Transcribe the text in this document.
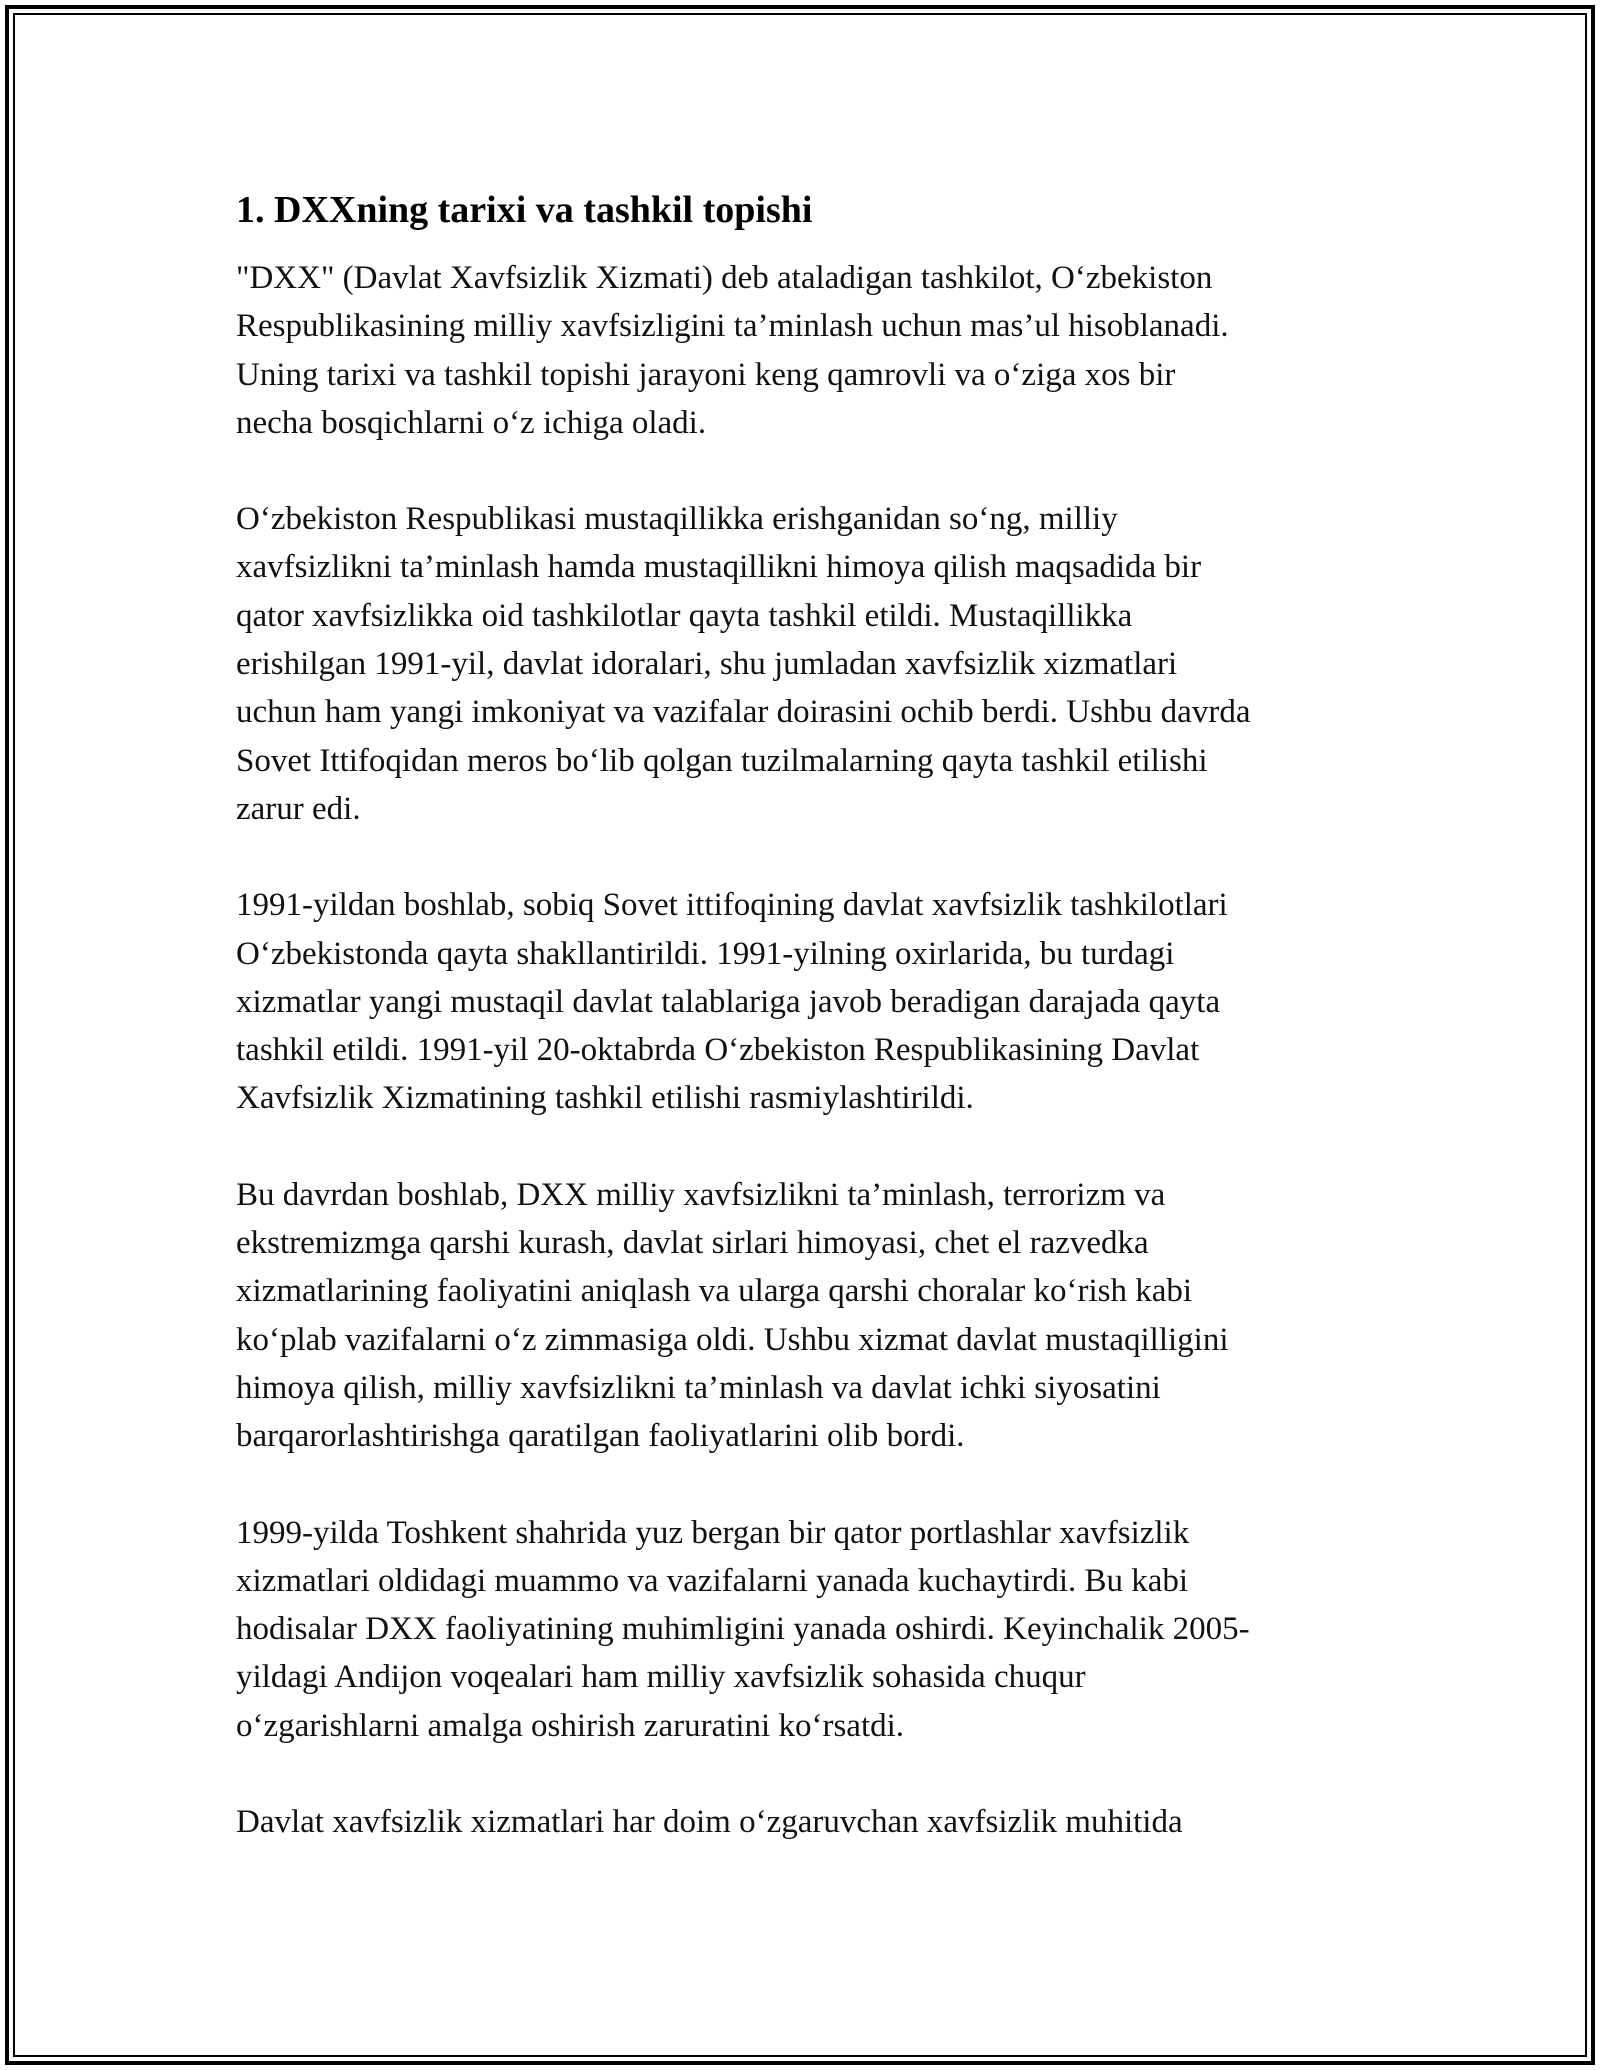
1. DXXning tarixi va tashkil topishi

"DXX" (Davlat Xavfsizlik Xizmati) deb ataladigan tashkilot, O‘zbekiston
Respublikasining milliy xavfsizligini ta’minlash uchun mas’ul hisoblanadi.
Uning tarixi va tashkil topishi jarayoni keng qamrovli va o‘ziga xos bir
necha bosqichlarni o‘z ichiga oladi.

O‘zbekiston Respublikasi mustaqillikka erishganidan so‘ng, milliy
xavfsizlikni ta’minlash hamda mustaqillikni himoya qilish maqsadida bir
qator xavfsizlikka oid tashkilotlar qayta tashkil etildi. Mustaqillikka
erishilgan 1991-yil, davlat idoralari, shu jumladan xavfsizlik xizmatlari
uchun ham yangi imkoniyat va vazifalar doirasini ochib berdi. Ushbu davrda
Sovet Ittifoqidan meros bo‘lib qolgan tuzilmalarning qayta tashkil etilishi
zarur edi.

1991-yildan boshlab, sobiq Sovet ittifoqining davlat xavfsizlik tashkilotlari
O‘zbekistonda qayta shakllantirildi. 1991-yilning oxirlarida, bu turdagi
xizmatlar yangi mustaqil davlat talablariga javob beradigan darajada qayta
tashkil etildi. 1991-yil 20-oktabrda O‘zbekiston Respublikasining Davlat
Xavfsizlik Xizmatining tashkil etilishi rasmiylashtirildi.

Bu davrdan boshlab, DXX milliy xavfsizlikni ta’minlash, terrorizm va
ekstremizmga qarshi kurash, davlat sirlari himoyasi, chet el razvedka
xizmatlarining faoliyatini aniqlash va ularga qarshi choralar ko‘rish kabi
ko‘plab vazifalarni o‘z zimmasiga oldi. Ushbu xizmat davlat mustaqilligini
himoya qilish, milliy xavfsizlikni ta’minlash va davlat ichki siyosatini
barqarorlashtirishga qaratilgan faoliyatlarini olib bordi.

1999-yilda Toshkent shahrida yuz bergan bir qator portlashlar xavfsizlik
xizmatlari oldidagi muammo va vazifalarni yanada kuchaytirdi. Bu kabi
hodisalar DXX faoliyatining muhimligini yanada oshirdi. Keyinchalik 2005-
yildagi Andijon voqealari ham milliy xavfsizlik sohasida chuqur
o‘zgarishlarni amalga oshirish zaruratini ko‘rsatdi.

Davlat xavfsizlik xizmatlari har doim o‘zgaruvchan xavfsizlik muhitida
